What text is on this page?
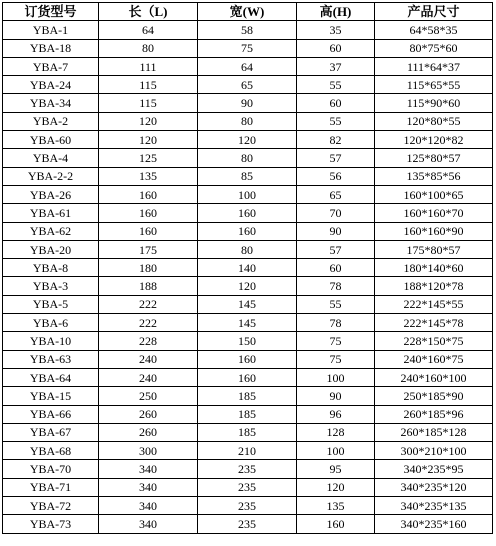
订货型号	长（L)	宽(W)	高(H)	产品尺寸
YBA-1	64	58	35	64*58*35
YBA-18	80	75	60	80*75*60
YBA-7	111	64	37	111*64*37
YBA-24	115	65	55	115*65*55
YBA-34	115	90	60	115*90*60
YBA-2	120	80	55	120*80*55
YBA-60	120	120	82	120*120*82
YBA-4	125	80	57	125*80*57
YBA-2-2	135	85	56	135*85*56
YBA-26	160	100	65	160*100*65
YBA-61	160	160	70	160*160*70
YBA-62	160	160	90	160*160*90
YBA-20	175	80	57	175*80*57
YBA-8	180	140	60	180*140*60
YBA-3	188	120	78	188*120*78
YBA-5	222	145	55	222*145*55
YBA-6	222	145	78	222*145*78
YBA-10	228	150	75	228*150*75
YBA-63	240	160	75	240*160*75
YBA-64	240	160	100	240*160*100
YBA-15	250	185	90	250*185*90
YBA-66	260	185	96	260*185*96
YBA-67	260	185	128	260*185*128
YBA-68	300	210	100	300*210*100
YBA-70	340	235	95	340*235*95
YBA-71	340	235	120	340*235*120
YBA-72	340	235	135	340*235*135
YBA-73	340	235	160	340*235*160
